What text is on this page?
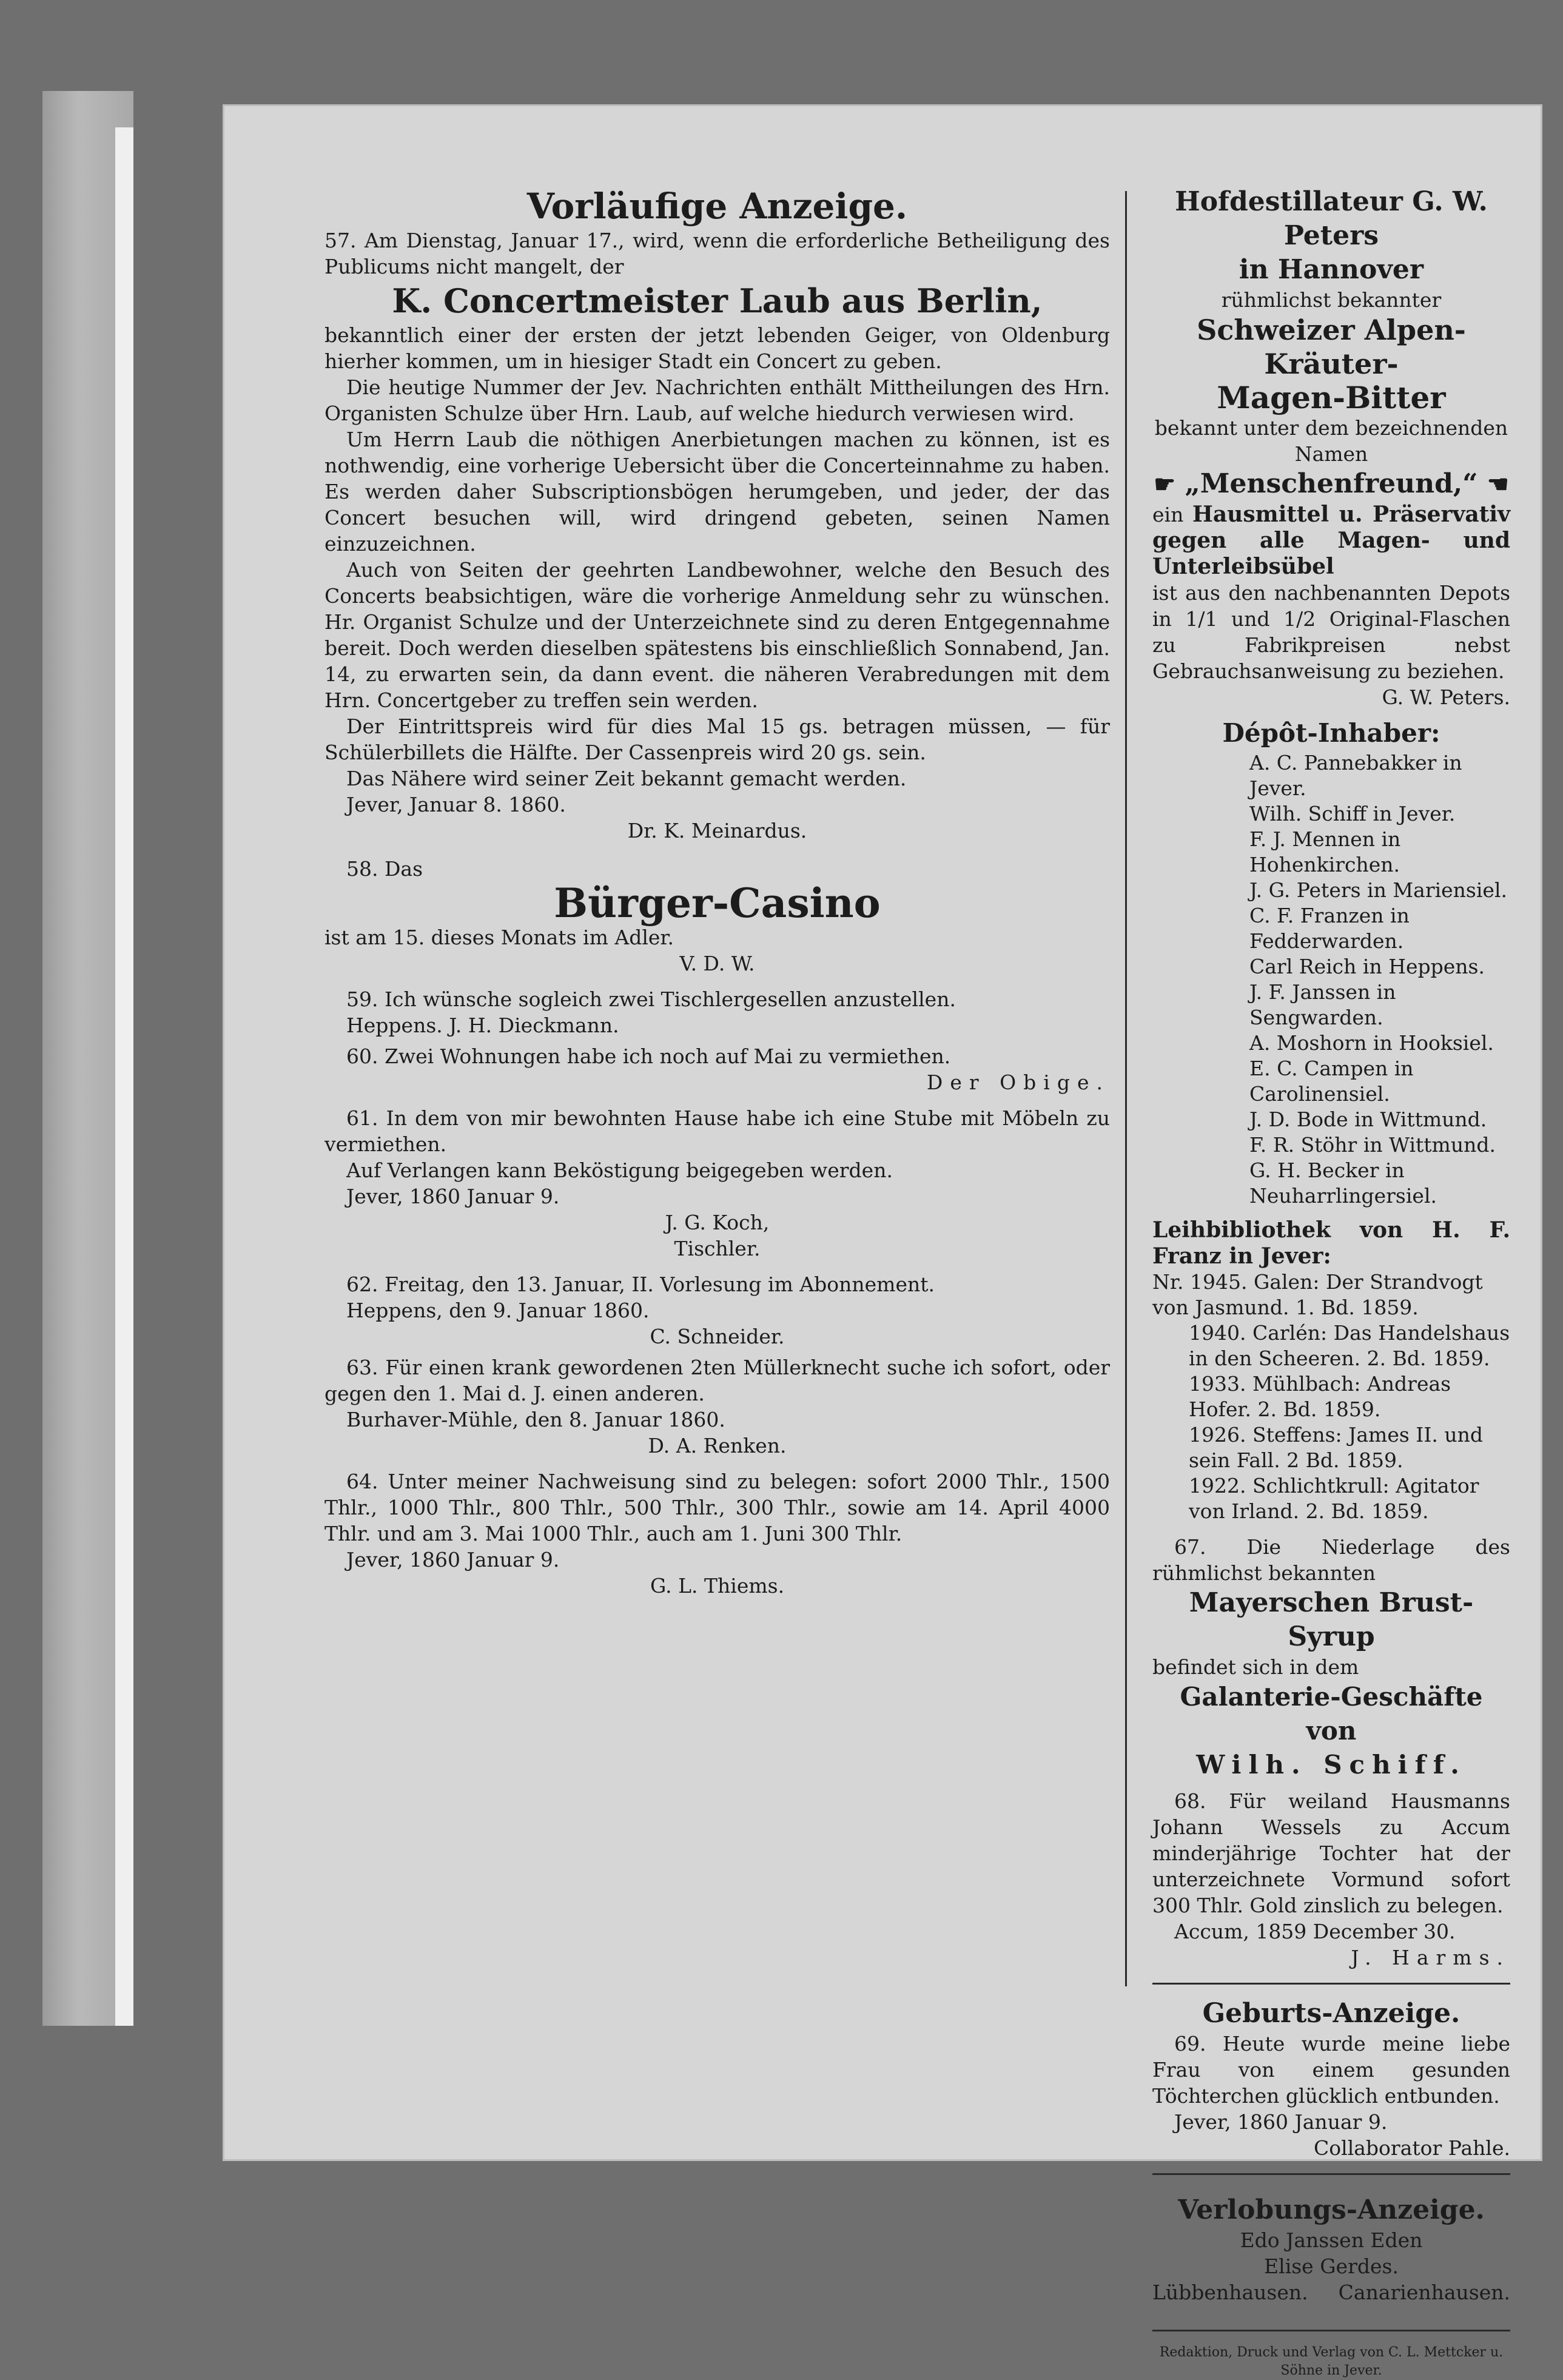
Vorläufige Anzeige.

57. Am Dienstag, Januar 17., wird, wenn die erforderliche Betheiligung des Publicums nicht mangelt, der

K. Concertmeister Laub aus Berlin,

bekanntlich einer der ersten der jetzt lebenden Geiger, von Oldenburg hierher kommen, um in hiesiger Stadt ein Concert zu geben.

Die heutige Nummer der Jev. Nachrichten enthält Mittheilungen des Hrn. Organisten Schulze über Hrn. Laub, auf welche hiedurch verwiesen wird.

Um Herrn Laub die nöthigen Anerbietungen machen zu können, ist es nothwendig, eine vorherige Uebersicht über die Concerteinnahme zu haben. Es werden daher Subscriptionsbögen herumgeben, und jeder, der das Concert besuchen will, wird dringend gebeten, seinen Namen einzuzeichnen.

Auch von Seiten der geehrten Landbewohner, welche den Besuch des Concerts beabsichtigen, wäre die vorherige Anmeldung sehr zu wünschen. Hr. Organist Schulze und der Unterzeichnete sind zu deren Entgegennahme bereit. Doch werden dieselben spätestens bis einschließlich Sonnabend, Jan. 14, zu erwarten sein, da dann event. die näheren Verabredungen mit dem Hrn. Concertgeber zu treffen sein werden.

Der Eintrittspreis wird für dies Mal 15 gs. betragen müssen, — für Schülerbillets die Hälfte. Der Cassenpreis wird 20 gs. sein.

Das Nähere wird seiner Zeit bekannt gemacht werden.

Jever, Januar 8. 1860.

Dr. K. Meinardus.

58. Das

Bürger-Casino

ist am 15. dieses Monats im Adler.

V. D. W.

59. Ich wünsche sogleich zwei Tischlergesellen anzustellen.

Heppens. J. H. Dieckmann.

60. Zwei Wohnungen habe ich noch auf Mai zu vermiethen.

Der Obige.

61. In dem von mir bewohnten Hause habe ich eine Stube mit Möbeln zu vermiethen.

Auf Verlangen kann Beköstigung beigegeben werden.

Jever, 1860 Januar 9.

J. G. Koch,

Tischler.

62. Freitag, den 13. Januar, II. Vorlesung im Abonnement.

Heppens, den 9. Januar 1860.

C. Schneider.

63. Für einen krank gewordenen 2ten Müllerknecht suche ich sofort, oder gegen den 1. Mai d. J. einen anderen.

Burhaver-Mühle, den 8. Januar 1860.

D. A. Renken.

64. Unter meiner Nachweisung sind zu belegen: sofort 2000 Thlr., 1500 Thlr., 1000 Thlr., 800 Thlr., 500 Thlr., 300 Thlr., sowie am 14. April 4000 Thlr. und am 3. Mai 1000 Thlr., auch am 1. Juni 300 Thlr.

Jever, 1860 Januar 9.

G. L. Thiems.

Hofdestillateur G. W. Peters

in Hannover

rühmlichst bekannter

Schweizer Alpen-Kräuter-

Magen-Bitter

bekannt unter dem bezeichnenden Namen

☛ „Menschenfreund,“ ☚

ein Hausmittel u. Präservativ gegen alle Magen- und Unterleibsübel

ist aus den nachbenannten Depots in 1/1 und 1/2 Original-Flaschen zu Fabrikpreisen nebst Gebrauchsanweisung zu beziehen.

G. W. Peters.

Dépôt-Inhaber:

A. C. Pannebakker in Jever.

Wilh. Schiff in Jever.

F. J. Mennen in Hohenkirchen.

J. G. Peters in Mariensiel.

C. F. Franzen in Fedderwarden.

Carl Reich in Heppens.

J. F. Janssen in Sengwarden.

A. Moshorn in Hooksiel.

E. C. Campen in Carolinensiel.

J. D. Bode in Wittmund.

F. R. Stöhr in Wittmund.

G. H. Becker in Neuharrlingersiel.

Leihbibliothek von H. F. Franz in Jever:

Nr. 1945. Galen: Der Strandvogt von Jasmund. 1. Bd. 1859.

1940. Carlén: Das Handelshaus in den Scheeren. 2. Bd. 1859.

1933. Mühlbach: Andreas Hofer. 2. Bd. 1859.

1926. Steffens: James II. und sein Fall. 2 Bd. 1859.

1922. Schlichtkrull: Agitator von Irland. 2. Bd. 1859.

67. Die Niederlage des rühmlichst bekannten

Mayerschen Brust-Syrup

befindet sich in dem

Galanterie-Geschäfte von

Wilh. Schiff.

68. Für weiland Hausmanns Johann Wessels zu Accum minderjährige Tochter hat der unterzeichnete Vormund sofort 300 Thlr. Gold zinslich zu belegen.

Accum, 1859 December 30.

J. Harms.

Geburts-Anzeige.

69. Heute wurde meine liebe Frau von einem gesunden Töchterchen glücklich entbunden.

Jever, 1860 Januar 9.

Collaborator Pahle.

Verlobungs-Anzeige.

Edo Janssen Eden

Elise Gerdes.

Lübbenhausen. Canarienhausen.

Redaktion, Druck und Verlag von C. L. Mettcker u. Söhne in Jever.
